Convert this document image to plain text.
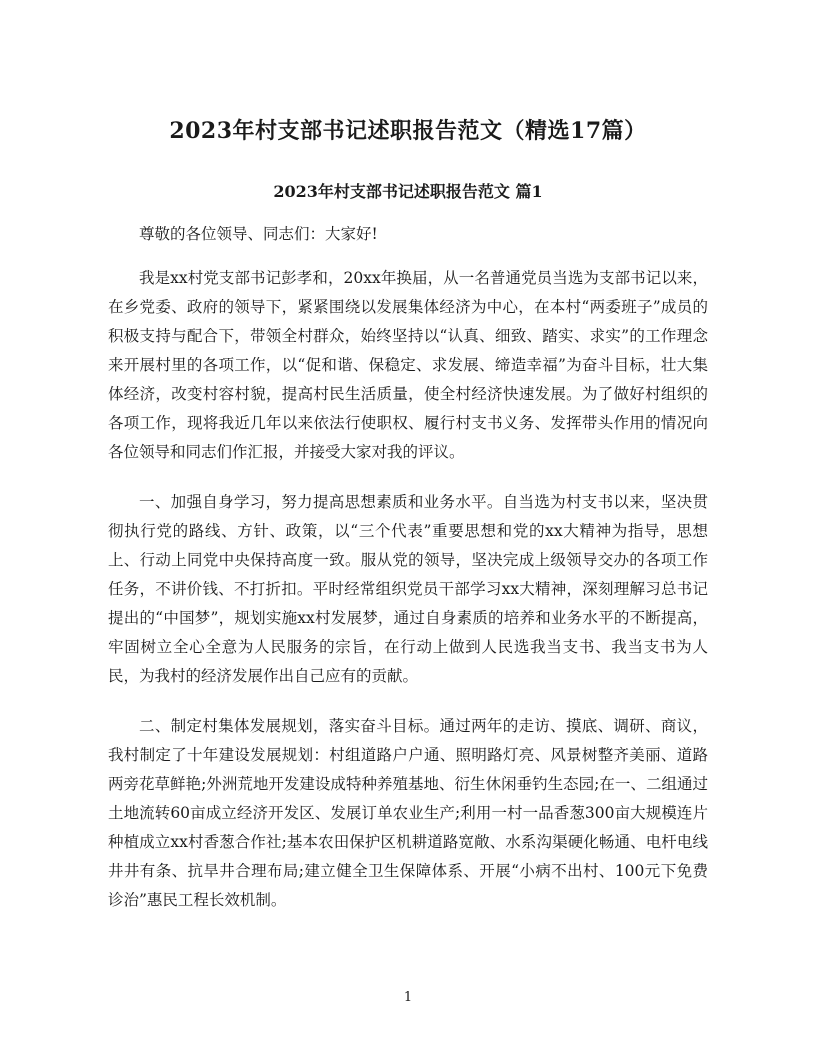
2023年村支部书记述职报告范文（精选17篇）
2023年村支部书记述职报告范文 篇1

尊敬的各位领导、同志们：大家好!

我是xx村党支部书记彭孝和，20xx年换届，从一名普通党员当选为支部书记以来，在乡党委、政府的领导下，紧紧围绕以发展集体经济为中心，在本村“两委班子”成员的积极支持与配合下，带领全村群众，始终坚持以“认真、细致、踏实、求实”的工作理念来开展村里的各项工作，以“促和谐、保稳定、求发展、缔造幸福”为奋斗目标，壮大集体经济，改变村容村貌，提高村民生活质量，使全村经济快速发展。为了做好村组织的各项工作，现将我近几年以来依法行使职权、履行村支书义务、发挥带头作用的情况向各位领导和同志们作汇报，并接受大家对我的评议。

一、加强自身学习，努力提高思想素质和业务水平。自当选为村支书以来，坚决贯彻执行党的路线、方针、政策，以“三个代表”重要思想和党的xx大精神为指导，思想上、行动上同党中央保持高度一致。服从党的领导，坚决完成上级领导交办的各项工作任务，不讲价钱、不打折扣。平时经常组织党员干部学习xx大精神，深刻理解习总书记提出的“中国梦”，规划实施xx村发展梦，通过自身素质的培养和业务水平的不断提高，牢固树立全心全意为人民服务的宗旨，在行动上做到人民选我当支书、我当支书为人民，为我村的经济发展作出自己应有的贡献。

二、制定村集体发展规划，落实奋斗目标。通过两年的走访、摸底、调研、商议，我村制定了十年建设发展规划：村组道路户户通、照明路灯亮、风景树整齐美丽、道路两旁花草鲜艳;外洲荒地开发建设成特种养殖基地、衍生休闲垂钓生态园;在一、二组通过土地流转60亩成立经济开发区、发展订单农业生产;利用一村一品香葱300亩大规模连片种植成立xx村香葱合作社;基本农田保护区机耕道路宽敞、水系沟渠硬化畅通、电杆电线井井有条、抗旱井合理布局;建立健全卫生保障体系、开展“小病不出村、100元下免费诊治”惠民工程长效机制。

1
